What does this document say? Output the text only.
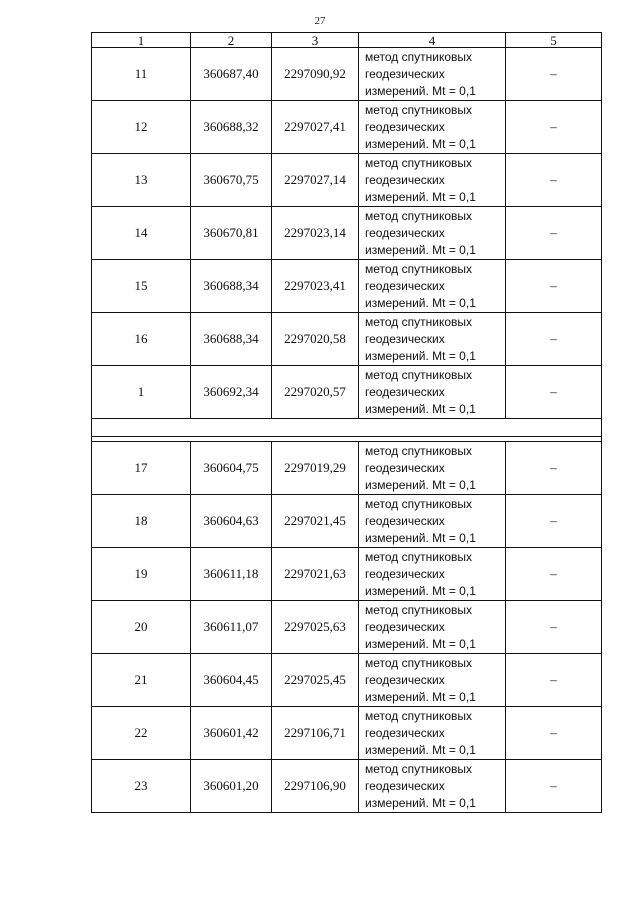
27
1	2	3	4	5
11	360687,40	2297090,92	метод спутниковых
геодезических
измерений. Mt = 0,1	–
12	360688,32	2297027,41	метод спутниковых
геодезических
измерений. Mt = 0,1	–
13	360670,75	2297027,14	метод спутниковых
геодезических
измерений. Mt = 0,1	–
14	360670,81	2297023,14	метод спутниковых
геодезических
измерений. Mt = 0,1	–
15	360688,34	2297023,41	метод спутниковых
геодезических
измерений. Mt = 0,1	–
16	360688,34	2297020,58	метод спутниковых
геодезических
измерений. Mt = 0,1	–
1	360692,34	2297020,57	метод спутниковых
геодезических
измерений. Mt = 0,1	–

17	360604,75	2297019,29	метод спутниковых
геодезических
измерений. Mt = 0,1	–
18	360604,63	2297021,45	метод спутниковых
геодезических
измерений. Mt = 0,1	–
19	360611,18	2297021,63	метод спутниковых
геодезических
измерений. Mt = 0,1	–
20	360611,07	2297025,63	метод спутниковых
геодезических
измерений. Mt = 0,1	–
21	360604,45	2297025,45	метод спутниковых
геодезических
измерений. Mt = 0,1	–
22	360601,42	2297106,71	метод спутниковых
геодезических
измерений. Mt = 0,1	–
23	360601,20	2297106,90	метод спутниковых
геодезических
измерений. Mt = 0,1	–
